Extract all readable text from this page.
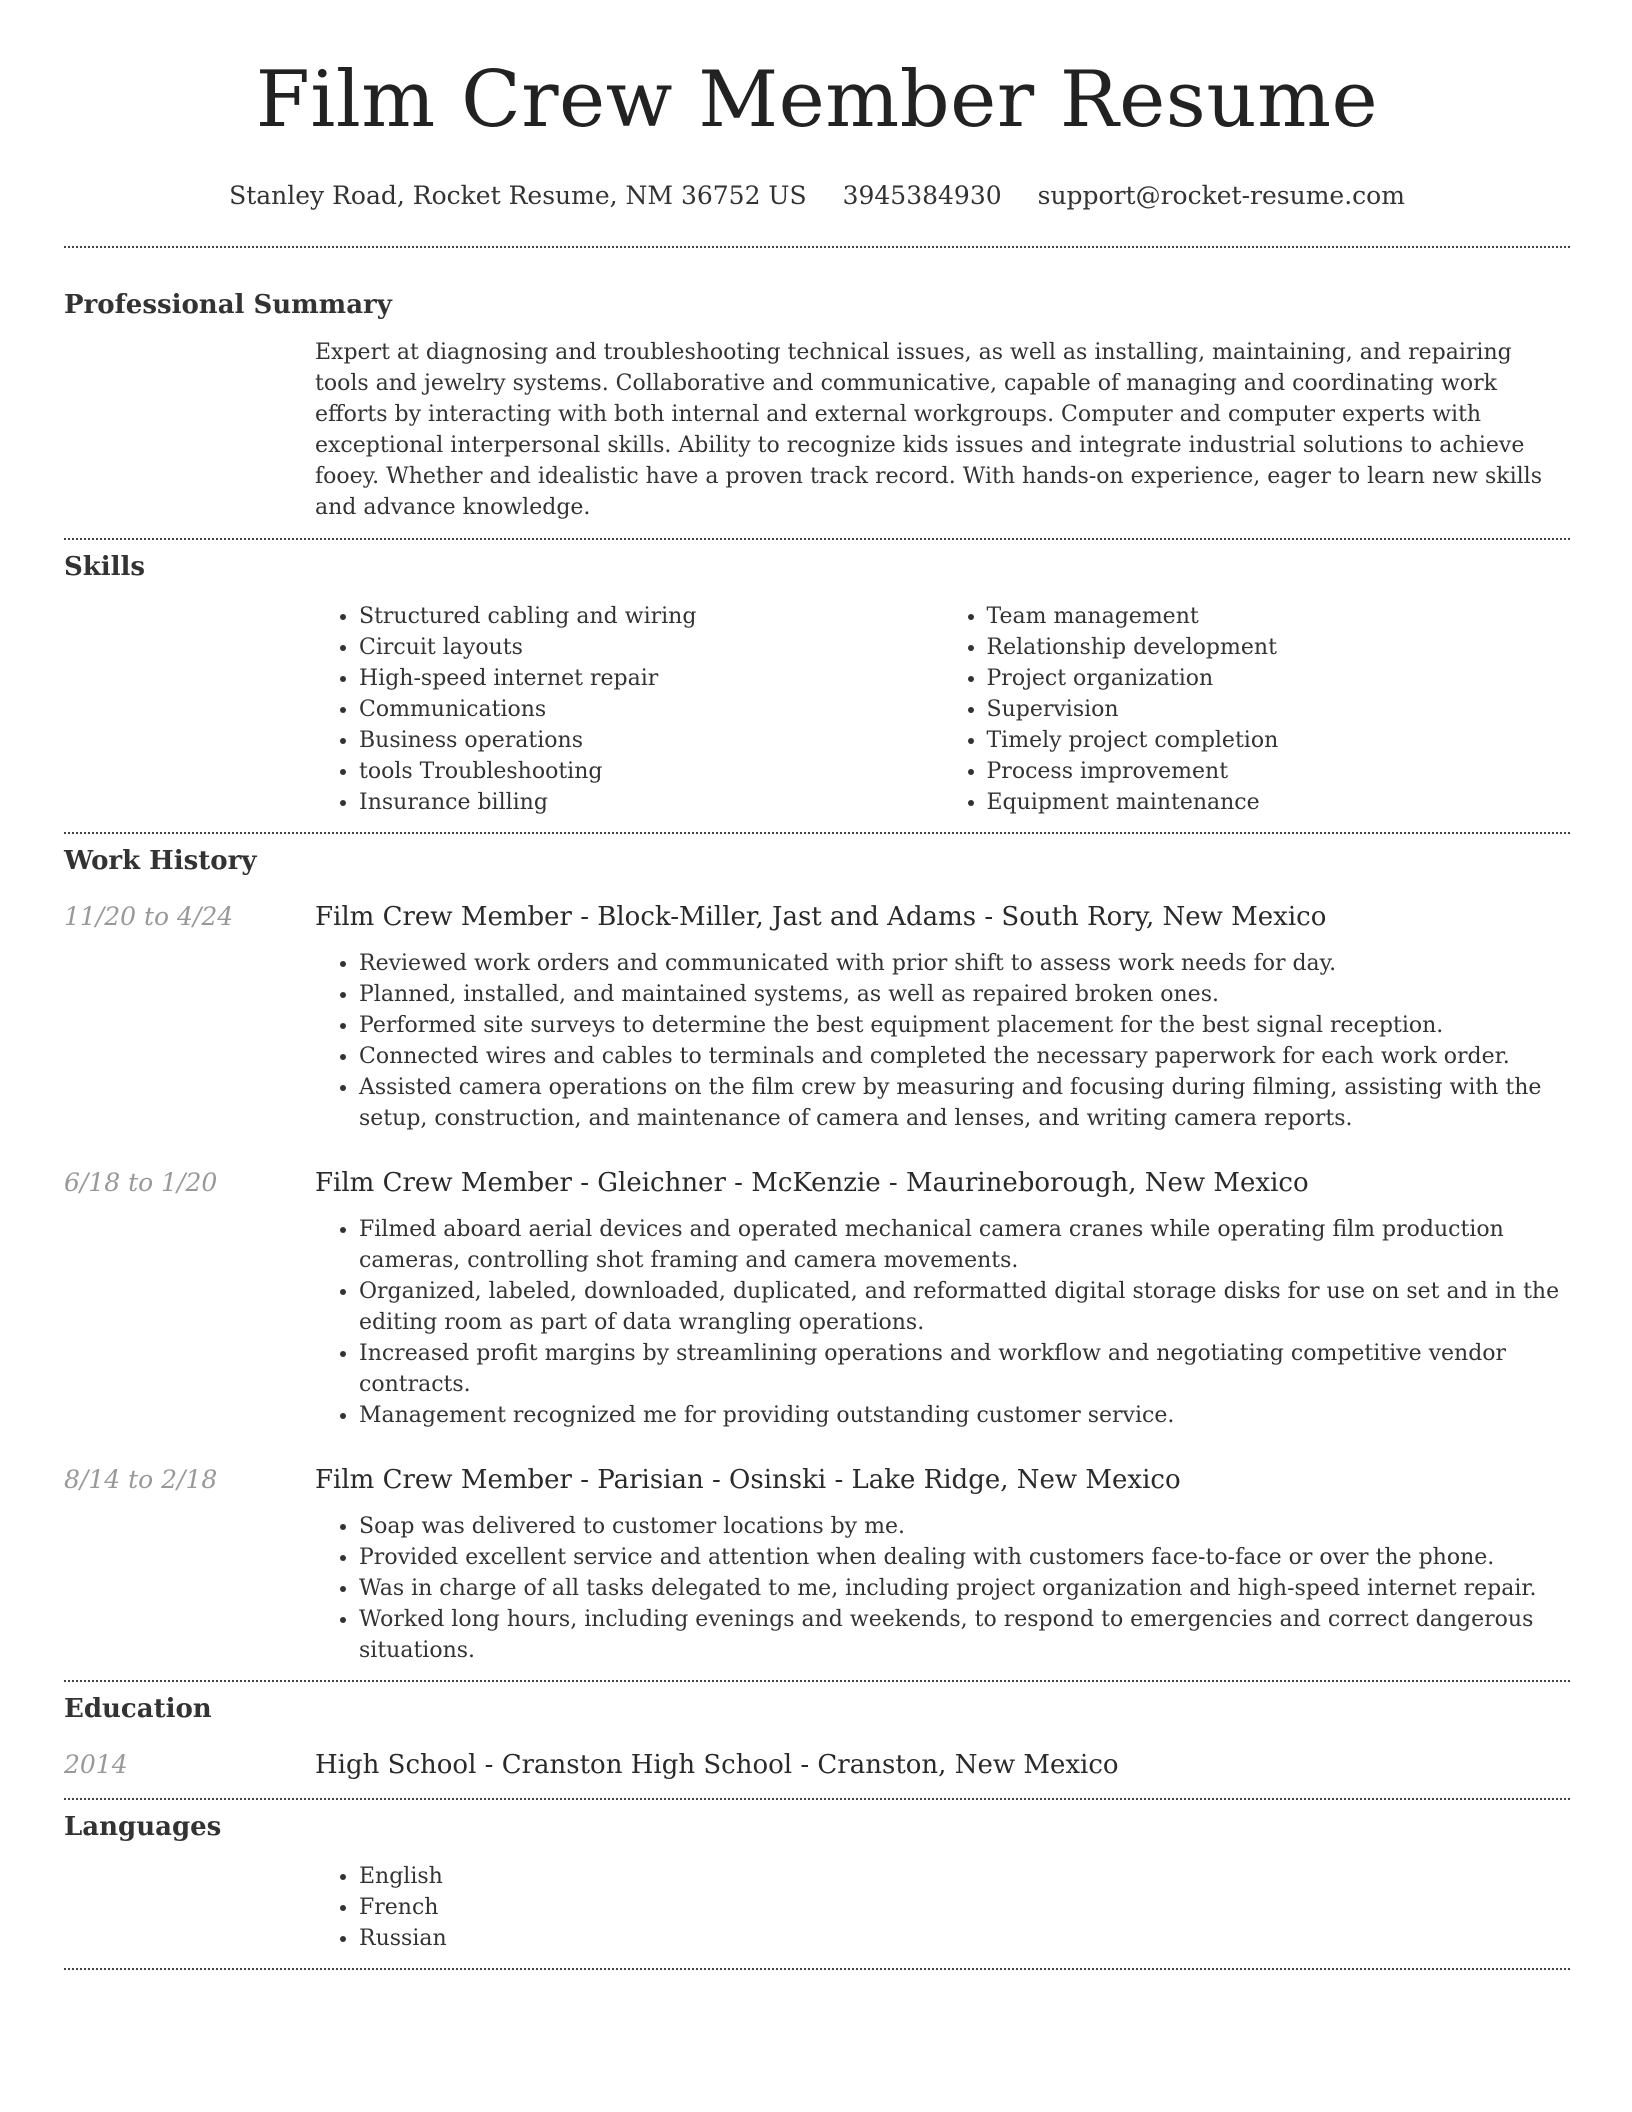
Film Crew Member Resume
Stanley Road, Rocket Resume, NM 36752 US 3945384930 support@rocket-resume.com
Professional Summary

Expert at diagnosing and troubleshooting technical issues, as well as installing, maintaining, and repairing tools and jewelry systems. Collaborative and communicative, capable of managing and coordinating work efforts by interacting with both internal and external workgroups. Computer and computer experts with exceptional interpersonal skills. Ability to recognize kids issues and integrate industrial solutions to achieve fooey. Whether and idealistic have a proven track record. With hands-on experience, eager to learn new skills and advance knowledge.

Skills
• Structured cabling and wiring
• Circuit layouts
• High-speed internet repair
• Communications
• Business operations
• tools Troubleshooting
• Insurance billing
• Team management
• Relationship development
• Project organization
• Supervision
• Timely project completion
• Process improvement
• Equipment maintenance
Work History
11/20 to 4/24	Film Crew Member - Block-Miller, Jast and Adams - South Rory, New Mexico
• Reviewed work orders and communicated with prior shift to assess work needs for day.
• Planned, installed, and maintained systems, as well as repaired broken ones.
• Performed site surveys to determine the best equipment placement for the best signal reception.
• Connected wires and cables to terminals and completed the necessary paperwork for each work order.
• Assisted camera operations on the film crew by measuring and focusing during filming, assisting with the setup, construction, and maintenance of camera and lenses, and writing camera reports.
6/18 to 1/20	Film Crew Member - Gleichner - McKenzie - Maurineborough, New Mexico
• Filmed aboard aerial devices and operated mechanical camera cranes while operating film production cameras, controlling shot framing and camera movements.
• Organized, labeled, downloaded, duplicated, and reformatted digital storage disks for use on set and in the editing room as part of data wrangling operations.
• Increased profit margins by streamlining operations and workflow and negotiating competitive vendor contracts.
• Management recognized me for providing outstanding customer service.
8/14 to 2/18	Film Crew Member - Parisian - Osinski - Lake Ridge, New Mexico
• Soap was delivered to customer locations by me.
• Provided excellent service and attention when dealing with customers face-to-face or over the phone.
• Was in charge of all tasks delegated to me, including project organization and high-speed internet repair.
• Worked long hours, including evenings and weekends, to respond to emergencies and correct dangerous situations.
Education
2014	High School - Cranston High School - Cranston, New Mexico
Languages
• English
• French
• Russian
